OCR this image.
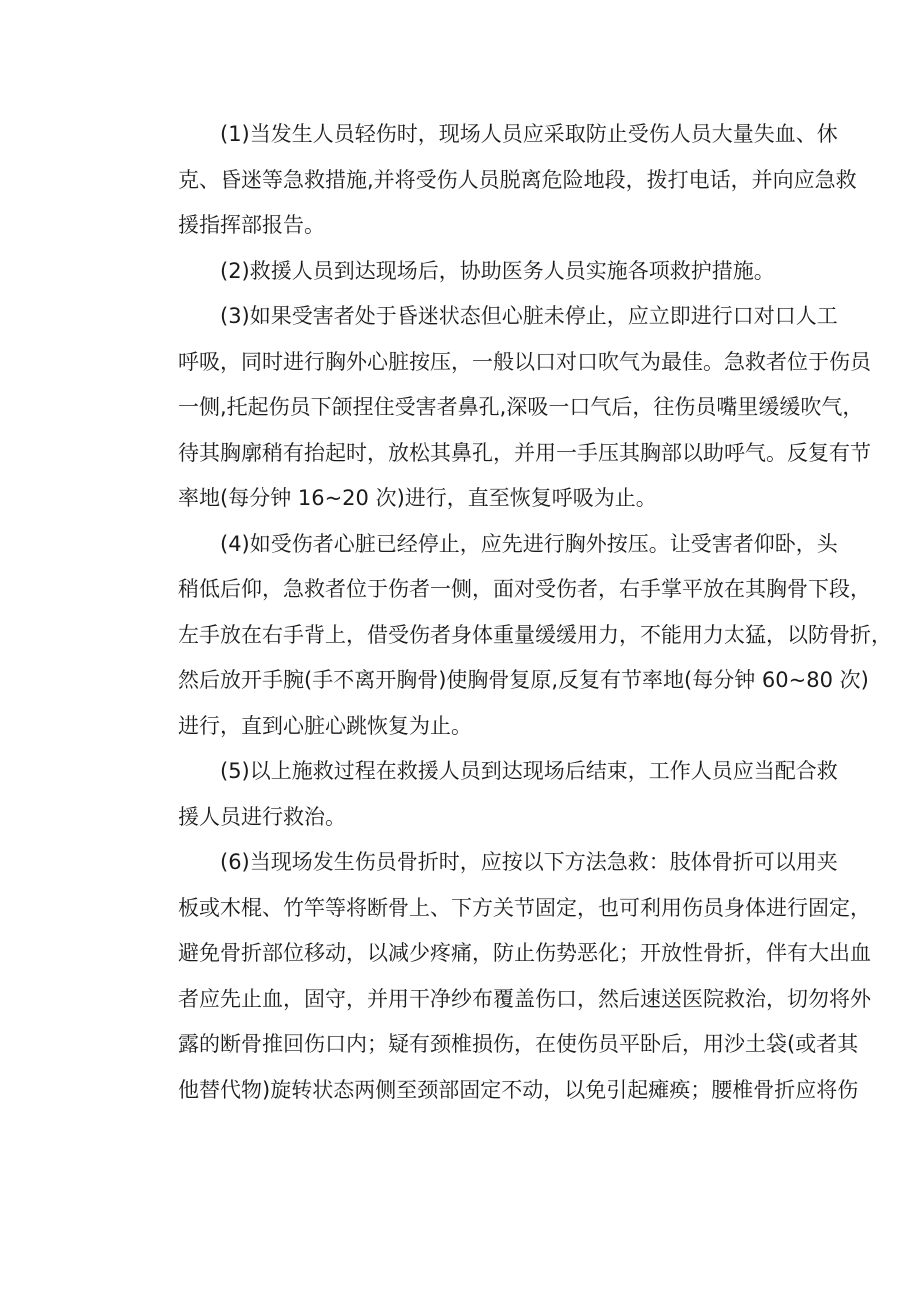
(1)当发生人员轻伤时，现场人员应采取防止受伤人员大量失血、休
克、昏迷等急救措施,并将受伤人员脱离危险地段，拨打电话，并向应急救
援指挥部报告。
(2)救援人员到达现场后，协助医务人员实施各项救护措施。
(3)如果受害者处于昏迷状态但心脏未停止，应立即进行口对口人工
呼吸，同时进行胸外心脏按压，一般以口对口吹气为最佳。急救者位于伤员
一侧,托起伤员下颌捏住受害者鼻孔,深吸一口气后，往伤员嘴里缓缓吹气，
待其胸廓稍有抬起时，放松其鼻孔，并用一手压其胸部以助呼气。反复有节
率地(每分钟 16~20 次)进行，直至恢复呼吸为止。
(4)如受伤者心脏已经停止，应先进行胸外按压。让受害者仰卧，头
稍低后仰，急救者位于伤者一侧，面对受伤者，右手掌平放在其胸骨下段，
左手放在右手背上，借受伤者身体重量缓缓用力，不能用力太猛，以防骨折，
然后放开手腕(手不离开胸骨)使胸骨复原,反复有节率地(每分钟 60~80 次)
进行，直到心脏心跳恢复为止。
(5)以上施救过程在救援人员到达现场后结束，工作人员应当配合救
援人员进行救治。
(6)当现场发生伤员骨折时，应按以下方法急救：肢体骨折可以用夹
板或木棍、竹竿等将断骨上、下方关节固定，也可利用伤员身体进行固定，
避免骨折部位移动，以减少疼痛，防止伤势恶化；开放性骨折，伴有大出血
者应先止血，固守，并用干净纱布覆盖伤口，然后速送医院救治，切勿将外
露的断骨推回伤口内；疑有颈椎损伤，在使伤员平卧后，用沙土袋(或者其
他替代物)旋转状态两侧至颈部固定不动，以免引起瘫痪；腰椎骨折应将伤
